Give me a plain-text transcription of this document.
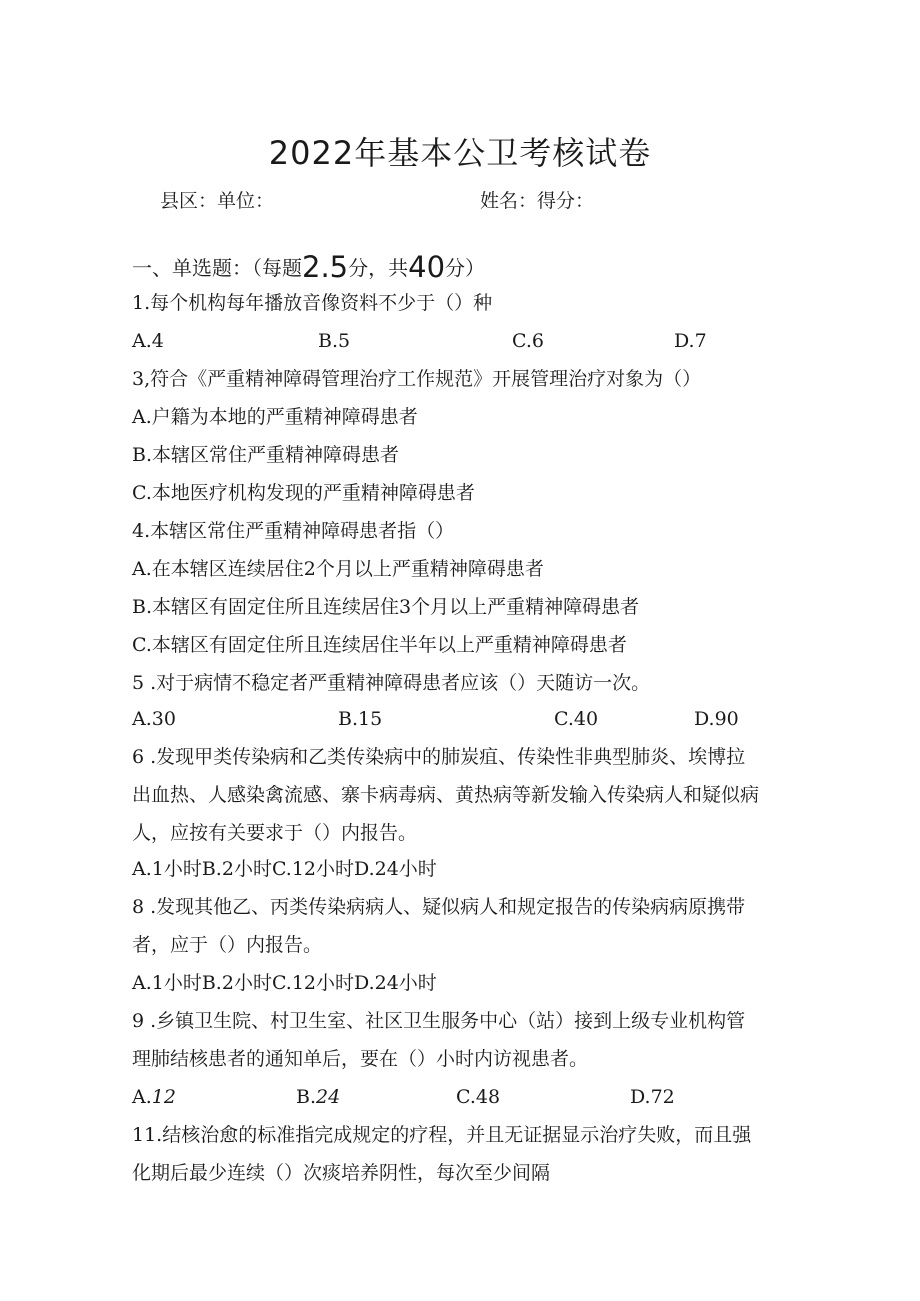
2022年基本公卫考核试卷
县区：单位：	姓名：得分：
一、单选题：（每题2.5分，共40分）
1.每个机构每年播放音像资料不少于（）种
A.4	B.5	C.6	D.7
3,符合《严重精神障碍管理治疗工作规范》开展管理治疗对象为（）
A.户籍为本地的严重精神障碍患者
B.本辖区常住严重精神障碍患者
C.本地医疗机构发现的严重精神障碍患者
4.本辖区常住严重精神障碍患者指（）
A.在本辖区连续居住2个月以上严重精神障碍患者
B.本辖区有固定住所且连续居住3个月以上严重精神障碍患者
C.本辖区有固定住所且连续居住半年以上严重精神障碍患者
5 .对于病情不稳定者严重精神障碍患者应该（）天随访一次。
A.30	B.15	C.40	D.90
6 .发现甲类传染病和乙类传染病中的肺炭疽、传染性非典型肺炎、埃博拉
出血热、人感染禽流感、寨卡病毒病、黄热病等新发输入传染病人和疑似病
人，应按有关要求于（）内报告。
A.1小时B.2小时C.12小时D.24小时
8 .发现其他乙、丙类传染病病人、疑似病人和规定报告的传染病病原携带
者，应于（）内报告。
A.1小时B.2小时C.12小时D.24小时
9 .乡镇卫生院、村卫生室、社区卫生服务中心（站）接到上级专业机构管
理肺结核患者的通知单后，要在（）小时内访视患者。
A.12	B.24	C.48	D.72
11.结核治愈的标准指完成规定的疗程，并且无证据显示治疗失败，而且强
化期后最少连续（）次痰培养阴性，每次至少间隔
